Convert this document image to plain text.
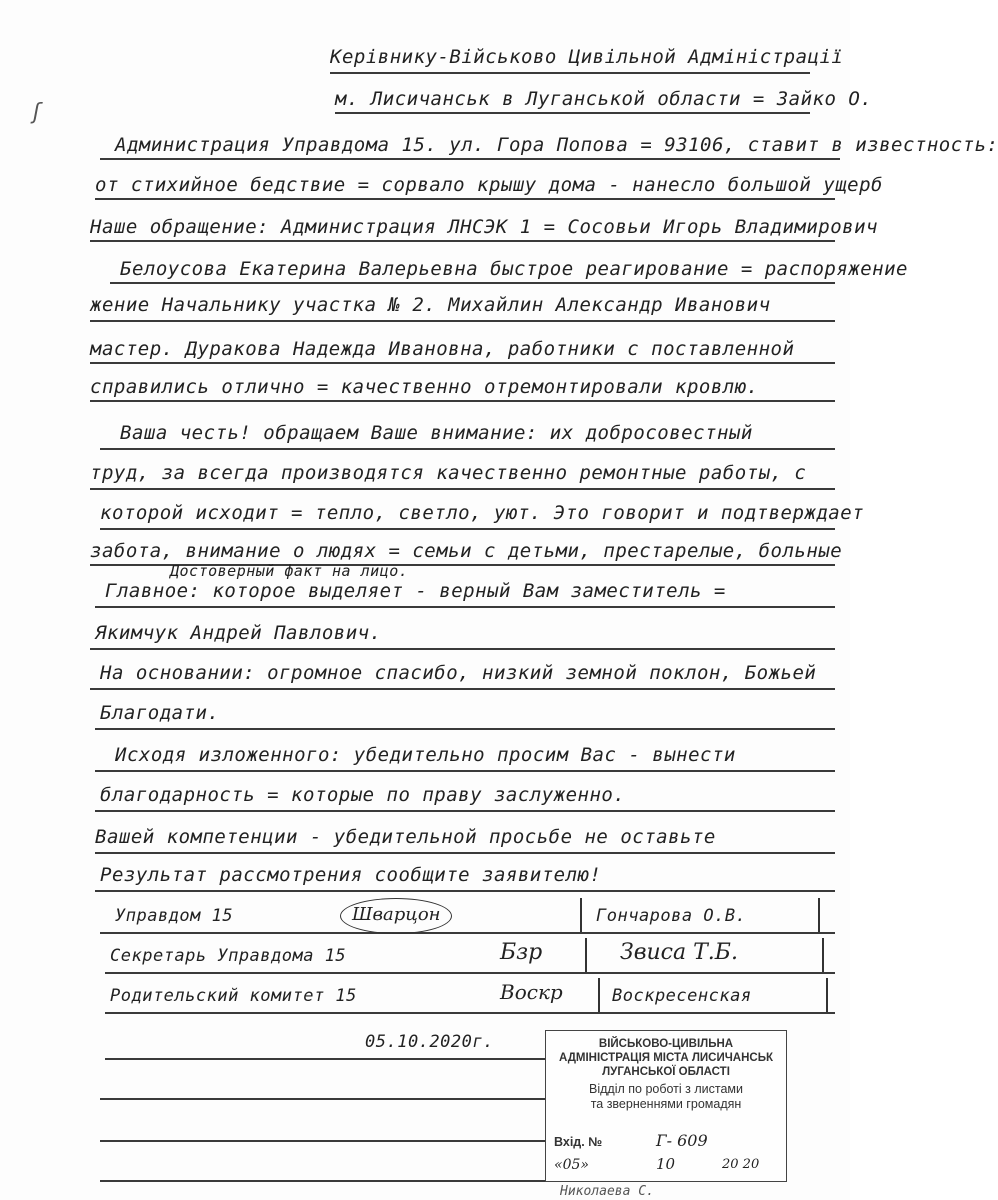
Керівнику-Військово Цивільной Адміністрації
м. Лисичанськ в Луганськой области = Зайко О.
ʃ
Администрация Управдома 15. ул. Гора Попова = 93106, ставит в известность:
от стихийное бедствие = сорвало крышу дома - нанесло большой ущерб
Наше обращение: Администрация ЛНСЭК 1 = Сосовьи Игорь Владимирович
Белоусова Екатерина Валерьевна быстрое реагирование = распоряжение
жение Начальнику участка № 2. Михайлин Александр Иванович
мастер. Дуракова Надежда Ивановна, работники с поставленной
справились отлично = качественно отремонтировали кровлю.
Ваша честь! обращаем Ваше внимание: их добросовестный
труд, за всегда производятся качественно ремонтные работы, с
которой исходит = тепло, светло, уют. Это говорит и подтверждает
забота, внимание о людях = семьи с детьми, престарелые, больные
Достоверный факт на лицо.
Главное: которое выделяет - верный Вам заместитель =
Якимчук Андрей Павлович.
На основании: огромное спасибо, низкий земной поклон, Божьей
Благодати.
Исходя изложенного: убедительно просим Вас - вынести
благодарность = которые по праву заслуженно.
Вашей компетенции - убедительной просьбе не оставьте
Результат рассмотрения сообщите заявителю!
Управдом 15	Шварцон	Гончарова О.В.
Секретарь Управдома 15	Бзр	Звиса Т.Б.
Родительский комитет 15	Воскр	Воскресенская
05.10.2020г.	ВІЙСЬКОВО-ЦИВІЛЬНА
АДМІНІСТРАЦІЯ МІСТА ЛИСИЧАНСЬК
ЛУГАНСЬКОЇ ОБЛАСТІ
Відділ по роботі з листами
та зверненнями громадян
Вхід. №	Г- 609
«05»	10	20 20
Николаева С.
